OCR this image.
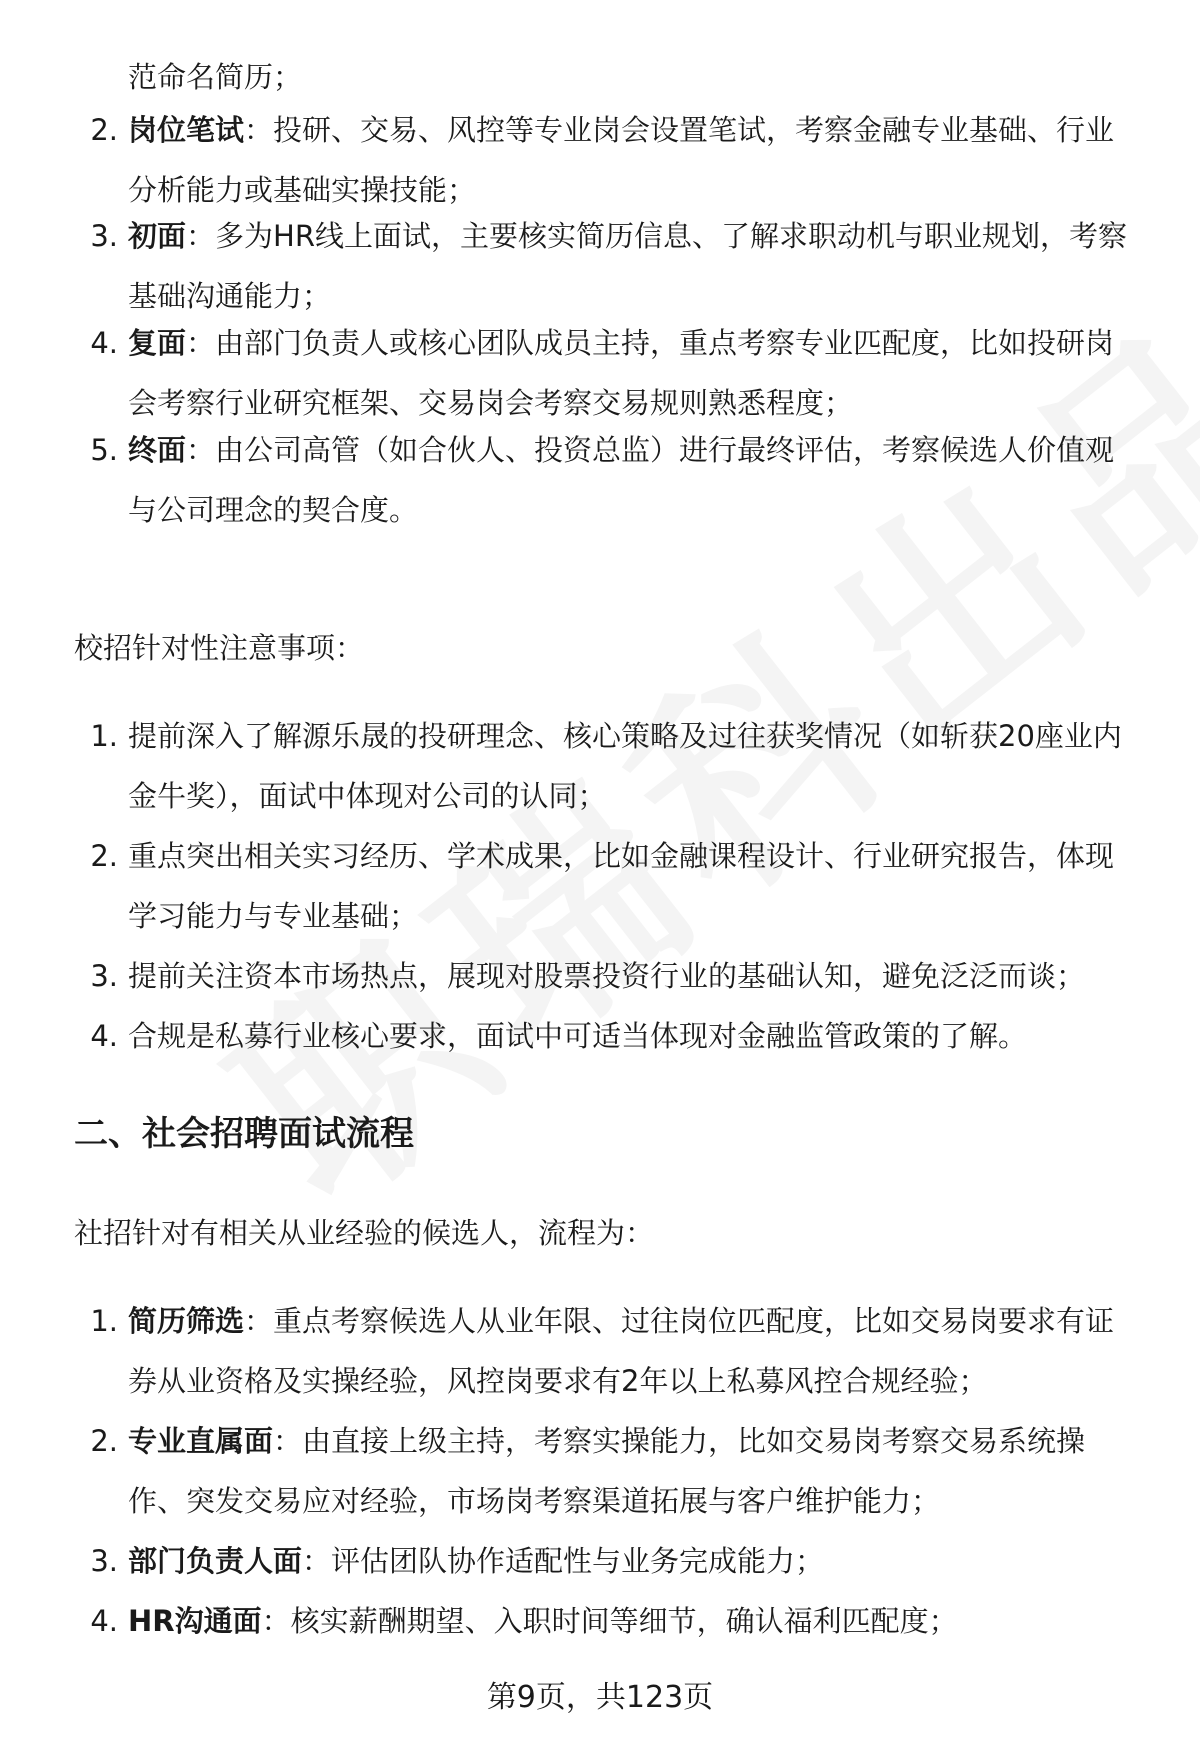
范命名简历；
2. 岗位笔试：投研、交易、风控等专业岗会设置笔试，考察金融专业基础、行业
分析能力或基础实操技能；
3. 初面：多为HR线上面试，主要核实简历信息、了解求职动机与职业规划，考察
基础沟通能力；
4. 复面：由部门负责人或核心团队成员主持，重点考察专业匹配度，比如投研岗
会考察行业研究框架、交易岗会考察交易规则熟悉程度；
5. 终面：由公司高管（如合伙人、投资总监）进行最终评估，考察候选人价值观
与公司理念的契合度。
校招针对性注意事项：
1. 提前深入了解源乐晟的投研理念、核心策略及过往获奖情况（如斩获20座业内
金牛奖），面试中体现对公司的认同；
2. 重点突出相关实习经历、学术成果，比如金融课程设计、行业研究报告，体现
学习能力与专业基础；
3. 提前关注资本市场热点，展现对股票投资行业的基础认知，避免泛泛而谈；
4. 合规是私募行业核心要求，面试中可适当体现对金融监管政策的了解。
二、社会招聘面试流程
社招针对有相关从业经验的候选人，流程为：
1. 简历筛选：重点考察候选人从业年限、过往岗位匹配度，比如交易岗要求有证
券从业资格及实操经验，风控岗要求有2年以上私募风控合规经验；
2. 专业直属面：由直接上级主持，考察实操能力，比如交易岗考察交易系统操
作、突发交易应对经验，市场岗考察渠道拓展与客户维护能力；
3. 部门负责人面：评估团队协作适配性与业务完成能力；
4. HR沟通面：核实薪酬期望、入职时间等细节，确认福利匹配度；
第9页，共123页
